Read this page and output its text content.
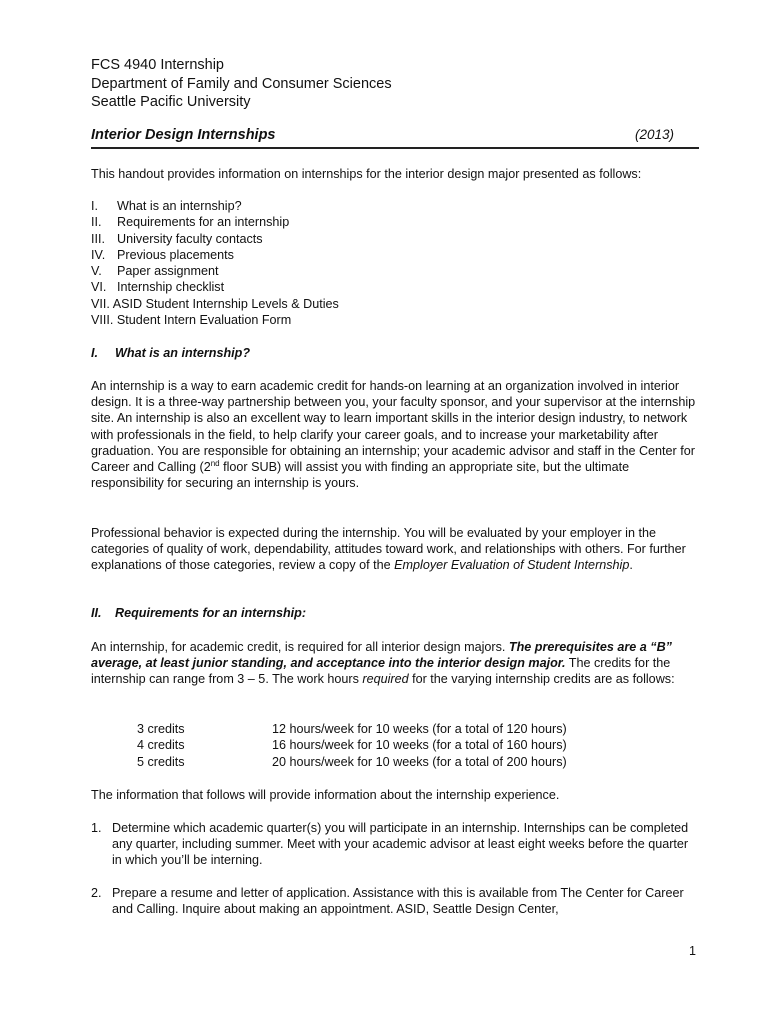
FCS 4940 Internship
Department of Family and Consumer Sciences
Seattle Pacific University
Interior Design Internships	(2013)

This handout provides information on internships for the interior design major presented as follows:

I. What is an internship?
II. Requirements for an internship
III. University faculty contacts
IV. Previous placements
V. Paper assignment
VI. Internship checklist
VII. ASID Student Internship Levels & Duties
VIII. Student Intern Evaluation Form
I. What is an internship?

An internship is a way to earn academic credit for hands-on learning at an organization involved in interior design. It is a three-way partnership between you, your faculty sponsor, and your supervisor at the internship site. An internship is also an excellent way to learn important skills in the interior design industry, to network with professionals in the field, to help clarify your career goals, and to increase your marketability after graduation. You are responsible for obtaining an internship; your academic advisor and staff in the Center for Career and Calling (2nd floor SUB) will assist you with finding an appropriate site, but the ultimate responsibility for securing an internship is yours.

Professional behavior is expected during the internship. You will be evaluated by your employer in the categories of quality of work, dependability, attitudes toward work, and relationships with others. For further explanations of those categories, review a copy of the Employer Evaluation of Student Internship.

II. Requirements for an internship:

An internship, for academic credit, is required for all interior design majors. The prerequisites are a “B” average, at least junior standing, and acceptance into the interior design major. The credits for the internship can range from 3 – 5. The work hours required for the varying internship credits are as follows:

3 credits	12 hours/week for 10 weeks (for a total of 120 hours)
4 credits	16 hours/week for 10 weeks (for a total of 160 hours)
5 credits	20 hours/week for 10 weeks (for a total of 200 hours)

The information that follows will provide information about the internship experience.

1. Determine which academic quarter(s) you will participate in an internship. Internships can be completed any quarter, including summer. Meet with your academic advisor at least eight weeks before the quarter in which you’ll be interning.
2. Prepare a resume and letter of application. Assistance with this is available from The Center for Career and Calling. Inquire about making an appointment. ASID, Seattle Design Center,
1
